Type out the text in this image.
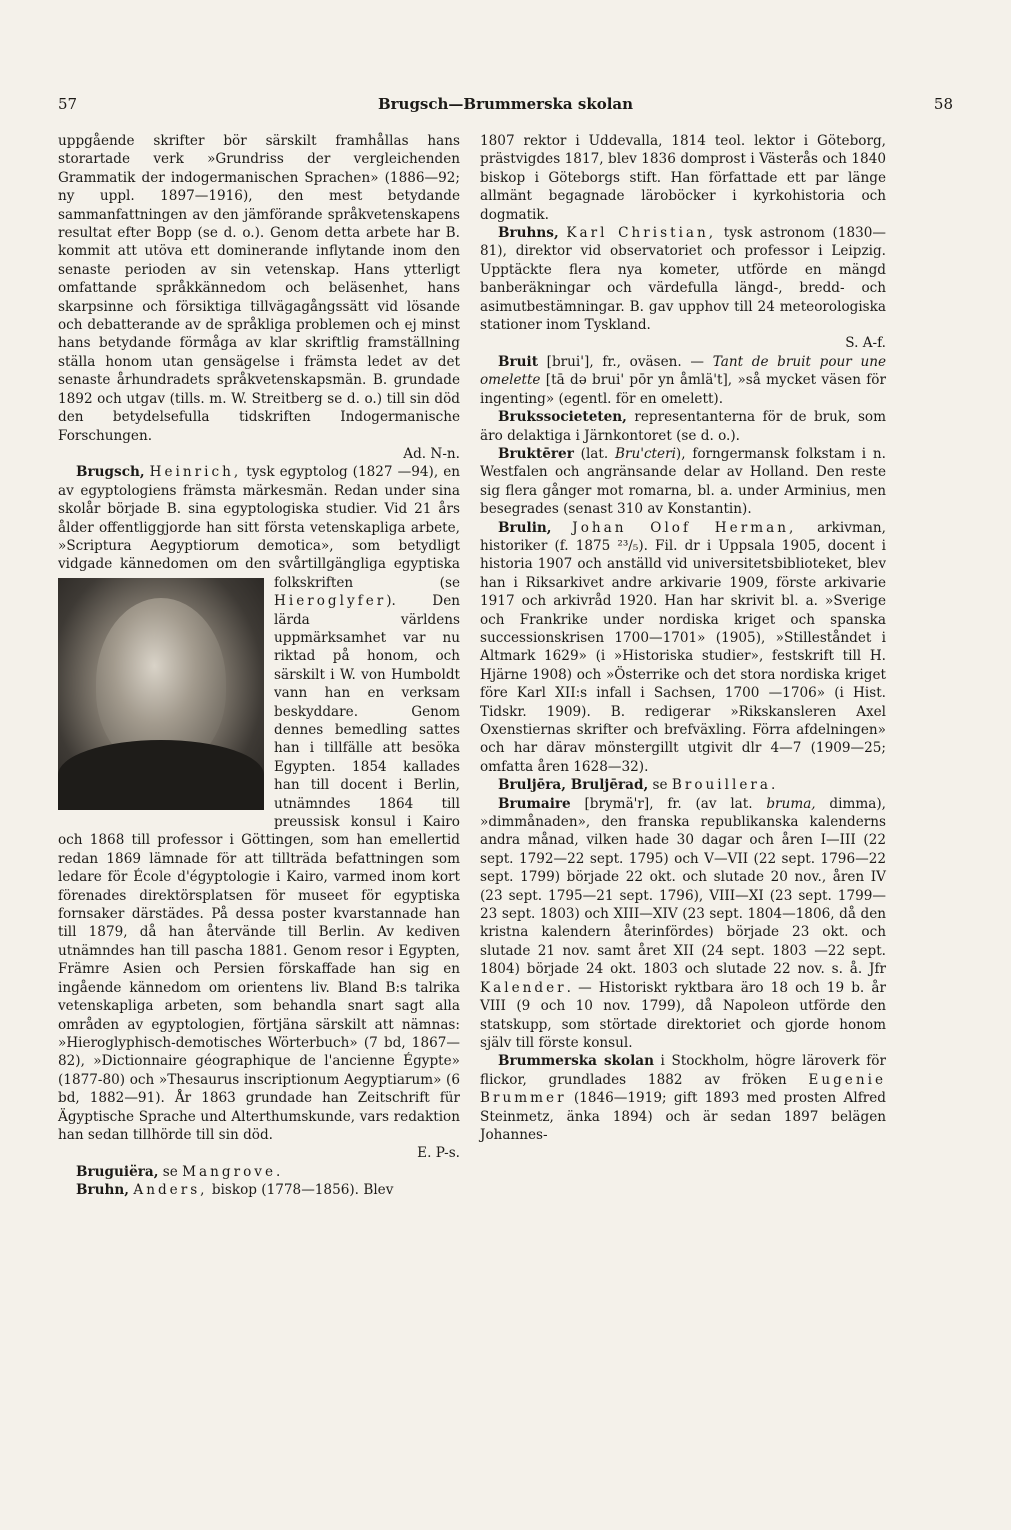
57	Brugsch—Brummerska skolan	58

uppgående skrifter bör särskilt framhållas hans storartade verk »Grundriss der vergleichenden Grammatik der indogermanischen Sprachen» (1886—92; ny uppl. 1897—1916), den mest betydande sammanfattningen av den jämförande språkvetenskapens resultat efter Bopp (se d. o.). Genom detta arbete har B. kommit att utöva ett dominerande inflytande inom den senaste perioden av sin vetenskap. Hans ytterligt omfattande språkkännedom och beläsenhet, hans skarpsinne och försiktiga tillvägagångssätt vid lösande och debatterande av de språkliga problemen och ej minst hans betydande förmåga av klar skriftlig framställning ställa honom utan gensägelse i främsta ledet av det senaste århundradets språkvetenskapsmän. B. grundade 1892 och utgav (tills. m. W. Streitberg se d. o.) till sin död den betydelsefulla tidskriften Indogermanische Forschungen.

Ad. N-n.

Brugsch, Heinrich, tysk egyptolog (1827 —94), en av egyptologiens främsta märkesmän. Redan under sina skolår började B. sina egyptologiska studier. Vid 21 års ålder offentliggjorde han sitt första vetenskapliga arbete, »Scriptura Aegyptiorum demotica», som betydligt vidgade kännedomen om den svårtillgängliga egyptiska folkskriften (se
Hieroglyfer). Den lärda världens uppmärksamhet var nu riktad på honom, och särskilt i W. von Humboldt vann han en verksam beskyddare. Genom dennes bemedling sattes han i tillfälle att besöka Egypten. 1854 kallades han till docent i Berlin, utnämndes 1864 till preussisk konsul i Kairo och 1868 till professor i Göttingen, som han emellertid redan 1869 lämnade för att tillträda befattningen som ledare för École d'égyptologie i Kairo, varmed inom kort förenades direktörsplatsen för museet för egyptiska fornsaker därstädes. På dessa poster kvarstannade han till 1879, då han återvände till Berlin. Av kediven utnämndes han till pascha 1881. Genom resor i Egypten, Främre Asien och Persien förskaffade han sig en ingående kännedom om orientens liv. Bland B:s talrika vetenskapliga arbeten, som behandla snart sagt alla områden av egyptologien, förtjäna särskilt att nämnas: »Hieroglyphisch-demotisches Wörterbuch» (7 bd, 1867—82), »Dictionnaire géographique de l'ancienne Égypte» (1877-80) och »Thesaurus inscriptionum Aegyptiarum» (6 bd, 1882—91). År 1863 grundade han Zeitschrift für Ägyptische Sprache und Alterthumskunde, vars redaktion han sedan tillhörde till sin död.

E. P-s.

Bruguiëra, se Mangrove.

Bruhn, Anders, biskop (1778—1856). Blev

1807 rektor i Uddevalla, 1814 teol. lektor i Göteborg, prästvigdes 1817, blev 1836 domprost i Västerås och 1840 biskop i Göteborgs stift. Han författade ett par länge allmänt begagnade läroböcker i kyrkohistoria och dogmatik.

Bruhns, Karl Christian, tysk astronom (1830—81), direktor vid observatoriet och professor i Leipzig. Upptäckte flera nya kometer, utförde en mängd banberäkningar och värdefulla längd-, bredd- och asimutbestämningar. B. gav upphov till 24 meteorologiska stationer inom Tyskland.

S. A-f.

Bruit [brui'], fr., oväsen. — Tant de bruit pour une omelette [tā də brui' pōr yn åmlä't], »så mycket väsen för ingenting» (egentl. för en omelett).

Brukssocieteten, representanterna för de bruk, som äro delaktiga i Järnkontoret (se d. o.).

Bruktērer (lat. Bru'cteri), forngermansk folkstam i n. Westfalen och angränsande delar av Holland. Den reste sig flera gånger mot romarna, bl. a. under Arminius, men besegrades (senast 310 av Konstantin).

Brulin, Johan Olof Herman, arkivman, historiker (f. 1875 ²³/₅). Fil. dr i Uppsala 1905, docent i historia 1907 och anställd vid universitetsbiblioteket, blev han i Riksarkivet andre arkivarie 1909, förste arkivarie 1917 och arkivråd 1920. Han har skrivit bl. a. »Sverige och Frankrike under nordiska kriget och spanska successionskrisen 1700—1701» (1905), »Stilleståndet i Altmark 1629» (i »Historiska studier», festskrift till H. Hjärne 1908) och »Österrike och det stora nordiska kriget före Karl XII:s infall i Sachsen, 1700 —1706» (i Hist. Tidskr. 1909). B. redigerar »Rikskansleren Axel Oxenstiernas skrifter och brefväxling. Förra afdelningen» och har därav mönstergillt utgivit dlr 4—7 (1909—25; omfatta åren 1628—32).

Bruljēra, Bruljērad, se Brouillera.

Brumaire [brymä'r], fr. (av lat. bruma, dimma), »dimmånaden», den franska republikanska kalenderns andra månad, vilken hade 30 dagar och åren I—III (22 sept. 1792—22 sept. 1795) och V—VII (22 sept. 1796—22 sept. 1799) började 22 okt. och slutade 20 nov., åren IV (23 sept. 1795—21 sept. 1796), VIII—XI (23 sept. 1799—23 sept. 1803) och XIII—XIV (23 sept. 1804—1806, då den kristna kalendern återinfördes) började 23 okt. och slutade 21 nov. samt året XII (24 sept. 1803 —22 sept. 1804) började 24 okt. 1803 och slutade 22 nov. s. å. Jfr Kalender. — Historiskt ryktbara äro 18 och 19 b. år VIII (9 och 10 nov. 1799), då Napoleon utförde den statskupp, som störtade direktoriet och gjorde honom själv till förste konsul.

Brummerska skolan i Stockholm, högre läroverk för flickor, grundlades 1882 av fröken Eugenie Brummer (1846—1919; gift 1893 med prosten Alfred Steinmetz, änka 1894) och är sedan 1897 belägen Johannes-
